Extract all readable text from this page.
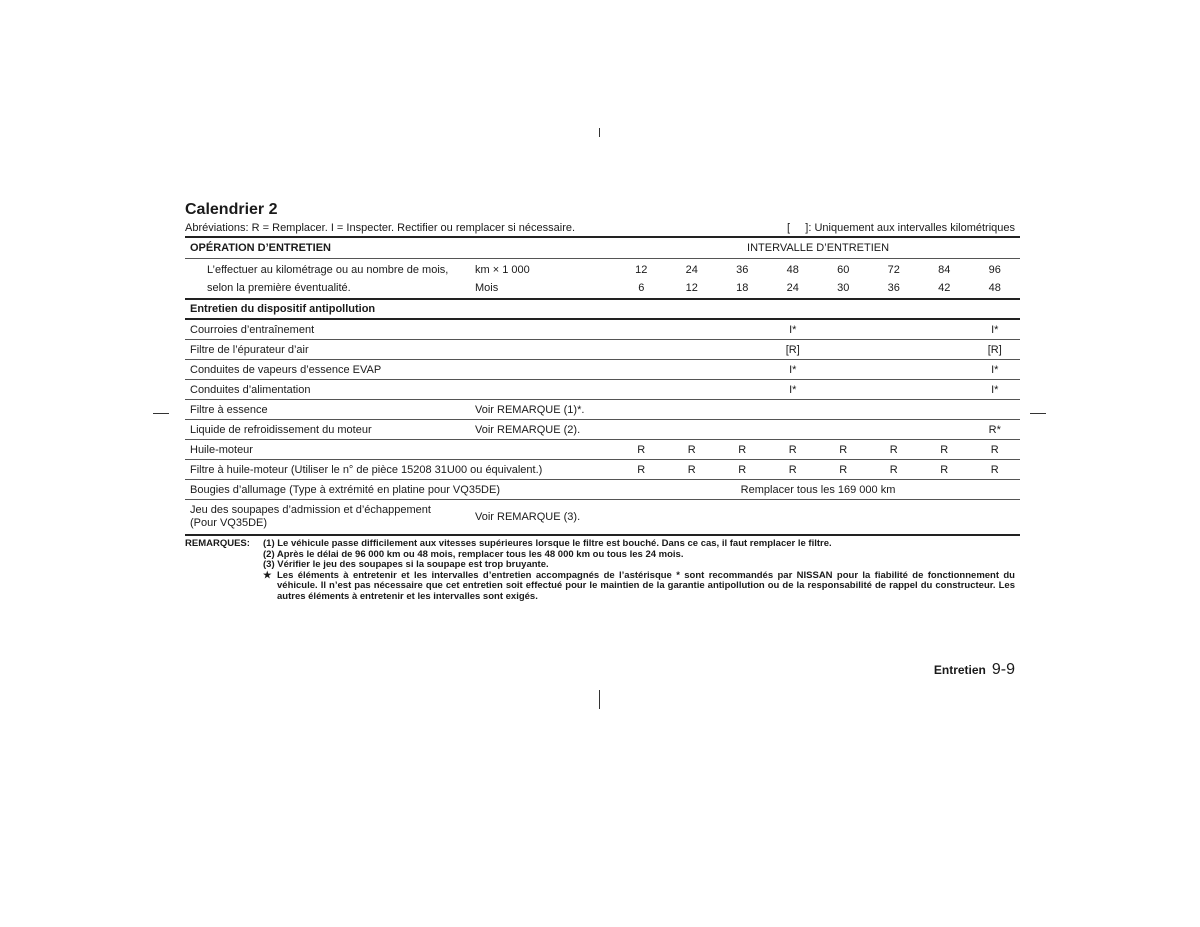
Calendrier 2
Abréviations: R = Remplacer. I = Inspecter. Rectifier ou remplacer si nécessaire.	[     ]: Uniquement aux intervalles kilométriques
OPÉRATION D’ENTRETIEN		INTERVALLE D’ENTRETIEN							
L’effectuer au kilométrage ou au nombre de mois,	km × 1 000	12	24	36	48	60	72	84	96
selon la première éventualité.	Mois	6	12	18	24	30	36	42	48
Entretien du dispositif antipollution									
Courroies d’entraînement					I*				I*
Filtre de l’épurateur d’air					[R]				[R]
Conduites de vapeurs d’essence EVAP					I*				I*
Conduites d’alimentation					I*				I*
Filtre à essence	Voir REMARQUE (1)*.								
Liquide de refroidissement du moteur	Voir REMARQUE (2).								R*
Huile-moteur		R	R	R	R	R	R	R	R
Filtre à huile-moteur (Utiliser le n° de pièce 15208 31U00 ou équivalent.)		R	R	R	R	R	R	R	R
Bougies d’allumage (Type à extrémité en platine pour VQ35DE)		Remplacer tous les 169 000 km							
Jeu des soupapes d’admission et d’échappement
(Pour VQ35DE)	Voir REMARQUE (3).								
REMARQUES:	(1) Le véhicule passe difficilement aux vitesses supérieures lorsque le filtre est bouché. Dans ce cas, il faut remplacer le filtre.
(2) Après le délai de 96 000 km ou 48 mois, remplacer tous les 48 000 km ou tous les 24 mois.
(3) Vérifier le jeu des soupapes si la soupape est trop bruyante.
★ Les éléments à entretenir et les intervalles d’entretien accompagnés de l’astérisque * sont recommandés par NISSAN pour la fiabilité de fonctionnement du véhicule. Il n’est pas nécessaire que cet entretien soit effectué pour le maintien de la garantie antipollution ou de la responsabilité de rappel du constructeur. Les autres éléments à entretenir et les intervalles sont exigés.
Entretien 9-9
